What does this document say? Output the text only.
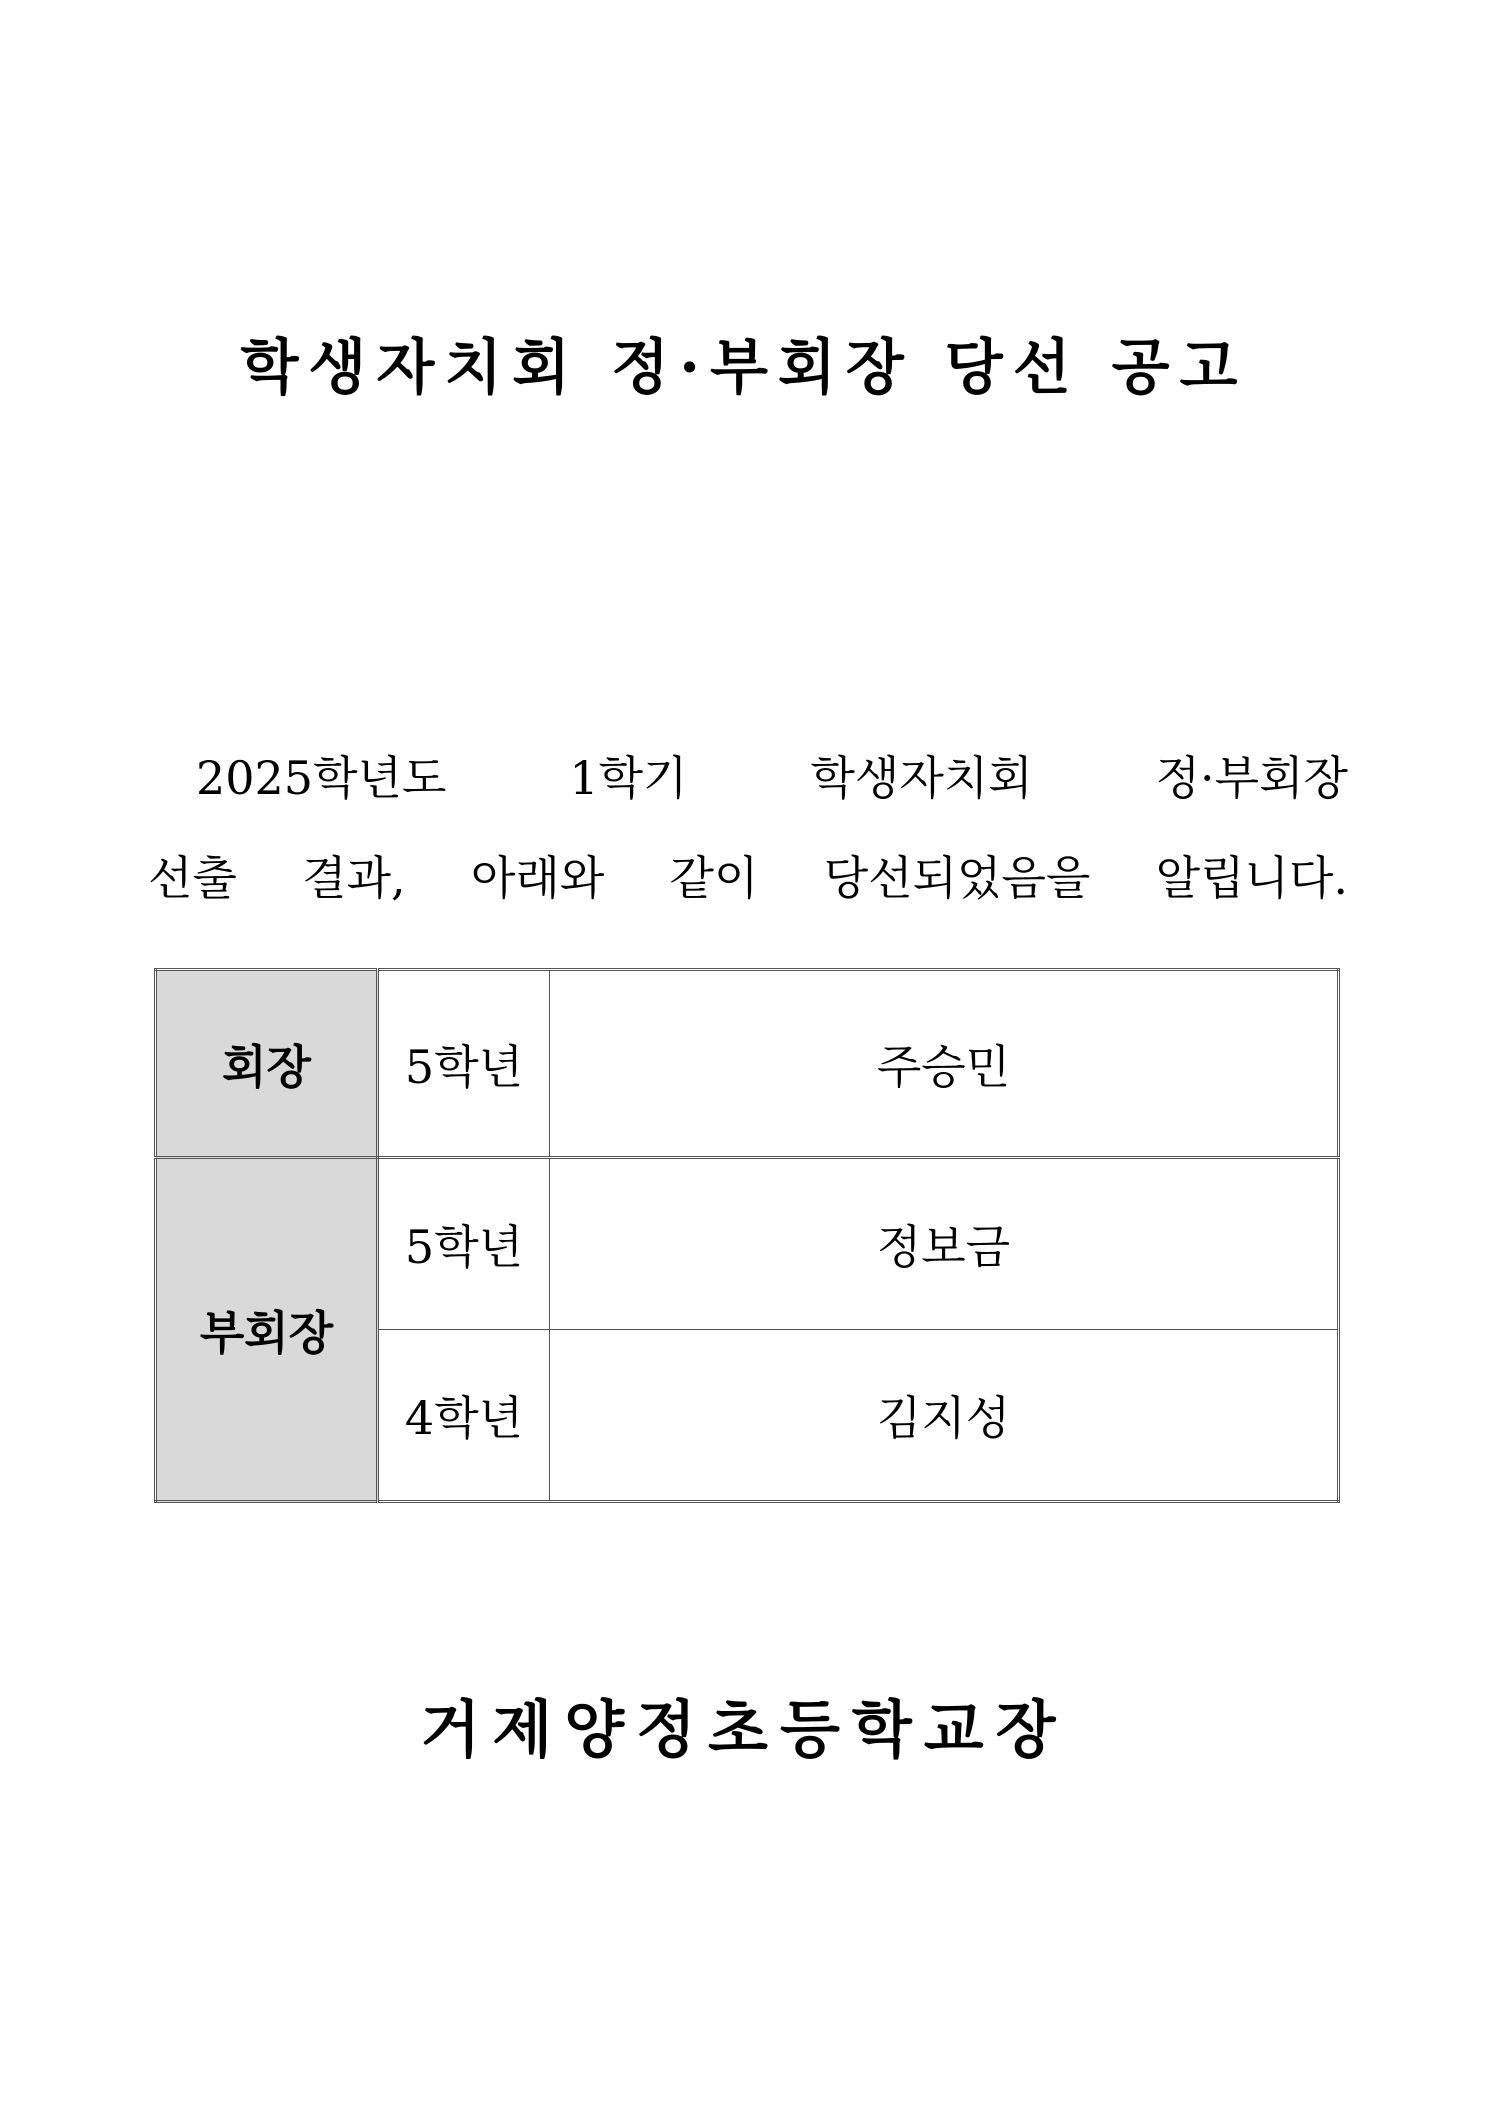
학생자치회 정·부회장 당선 공고
2025학년도 1학기 학생자치회 정·부회장
선출 결과, 아래와 같이 당선되었음을 알립니다.
회장	5학년	주승민
부회장	5학년	정보금
	4학년	김지성
거제양정초등학교장
